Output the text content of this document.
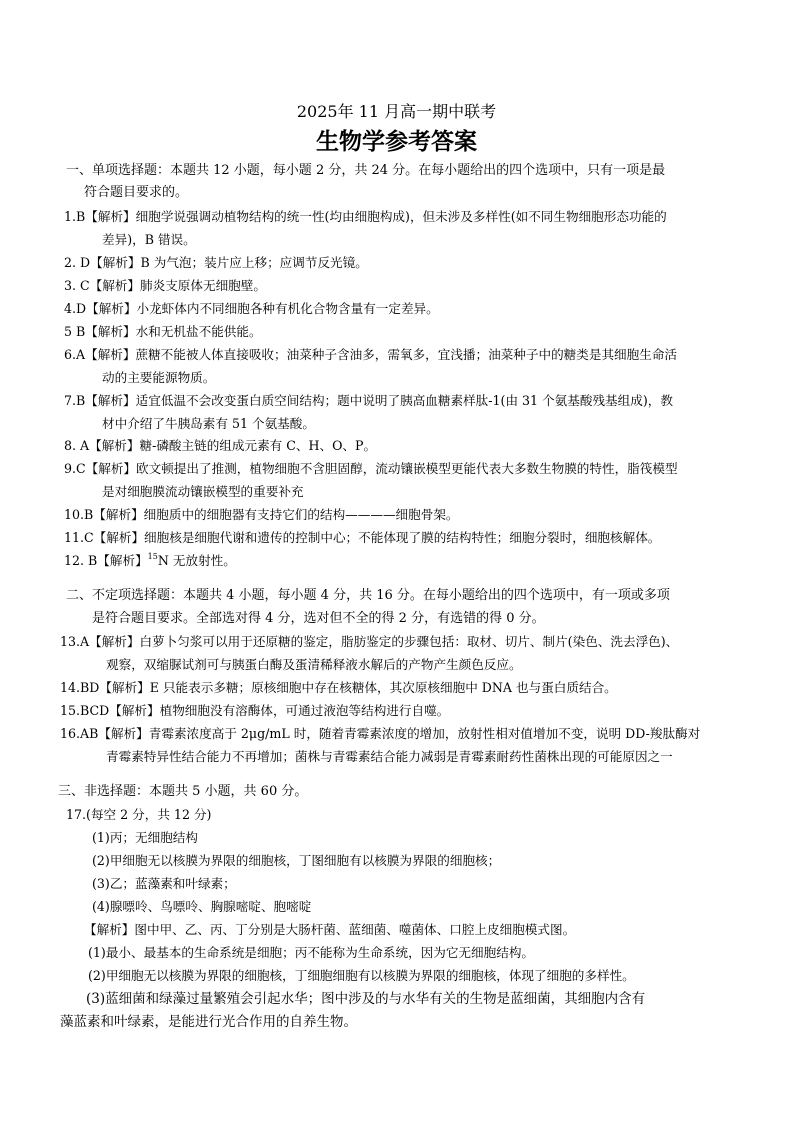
2025年 11 月高一期中联考
生物学参考答案
一、单项选择题：本题共 12 小题，每小题 2 分，共 24 分。在每小题给出的四个选项中，只有一项是最
符合题目要求的。
1.B【解析】细胞学说强调动植物结构的统一性(均由细胞构成)，但未涉及多样性(如不同生物细胞形态功能的
差异)，B 错误。
2. D【解析】B 为气泡；装片应上移；应调节反光镜。
3. C【解析】肺炎支原体无细胞壁。
4.D【解析】小龙虾体内不同细胞各种有机化合物含量有一定差异。
5 B【解析】水和无机盐不能供能。
6.A【解析】蔗糖不能被人体直接吸收；油菜种子含油多，需氧多，宜浅播；油菜种子中的糖类是其细胞生命活
动的主要能源物质。
7.B【解析】适宜低温不会改变蛋白质空间结构；题中说明了胰高血糖素样肽-1(由 31 个氨基酸残基组成)，教
材中介绍了牛胰岛素有 51 个氨基酸。
8. A【解析】糖-磷酸主链的组成元素有 C、H、O、P。
9.C【解析】欧文顿提出了推测，植物细胞不含胆固醇，流动镶嵌模型更能代表大多数生物膜的特性，脂筏模型
是对细胞膜流动镶嵌模型的重要补充
10.B【解析】细胞质中的细胞器有支持它们的结构————细胞骨架。
11.C【解析】细胞核是细胞代谢和遗传的控制中心；不能体现了膜的结构特性；细胞分裂时，细胞核解体。
12. B【解析】$^{15}$N 无放射性。
二、不定项选择题：本题共 4 小题，每小题 4 分，共 16 分。在每小题给出的四个选项中，有一项或多项
是符合题目要求。全部选对得 4 分，选对但不全的得 2 分，有选错的得 0 分。
13.A【解析】白萝卜匀浆可以用于还原糖的鉴定，脂肪鉴定的步骤包括：取材、切片、制片(染色、洗去浮色)、
观察，双缩脲试剂可与胰蛋白酶及蛋清稀释液水解后的产物产生颜色反应。
14.BD【解析】E 只能表示多糖；原核细胞中存在核糖体，其次原核细胞中 DNA 也与蛋白质结合。
15.BCD【解析】植物细胞没有溶酶体，可通过液泡等结构进行自噬。
16.AB【解析】青霉素浓度高于 2μg/mL 时，随着青霉素浓度的增加，放射性相对值增加不变，说明 DD-羧肽酶对
青霉素特异性结合能力不再增加；菌株与青霉素结合能力减弱是青霉素耐药性菌株出现的可能原因之一
三、非选择题：本题共 5 小题，共 60 分。
17.(每空 2 分，共 12 分)
(1)丙；无细胞结构
(2)甲细胞无以核膜为界限的细胞核，丁图细胞有以核膜为界限的细胞核；
(3)乙；蓝藻素和叶绿素；
(4)腺嘌呤、鸟嘌呤、胸腺嘧啶、胞嘧啶
【解析】图中甲、乙、丙、丁分别是大肠杆菌、蓝细菌、噬菌体、口腔上皮细胞模式图。
(1)最小、最基本的生命系统是细胞；丙不能称为生命系统，因为它无细胞结构。
(2)甲细胞无以核膜为界限的细胞核，丁细胞细胞有以核膜为界限的细胞核，体现了细胞的多样性。
(3)蓝细菌和绿藻过量繁殖会引起水华；图中涉及的与水华有关的生物是蓝细菌，其细胞内含有
藻蓝素和叶绿素，是能进行光合作用的自养生物。
